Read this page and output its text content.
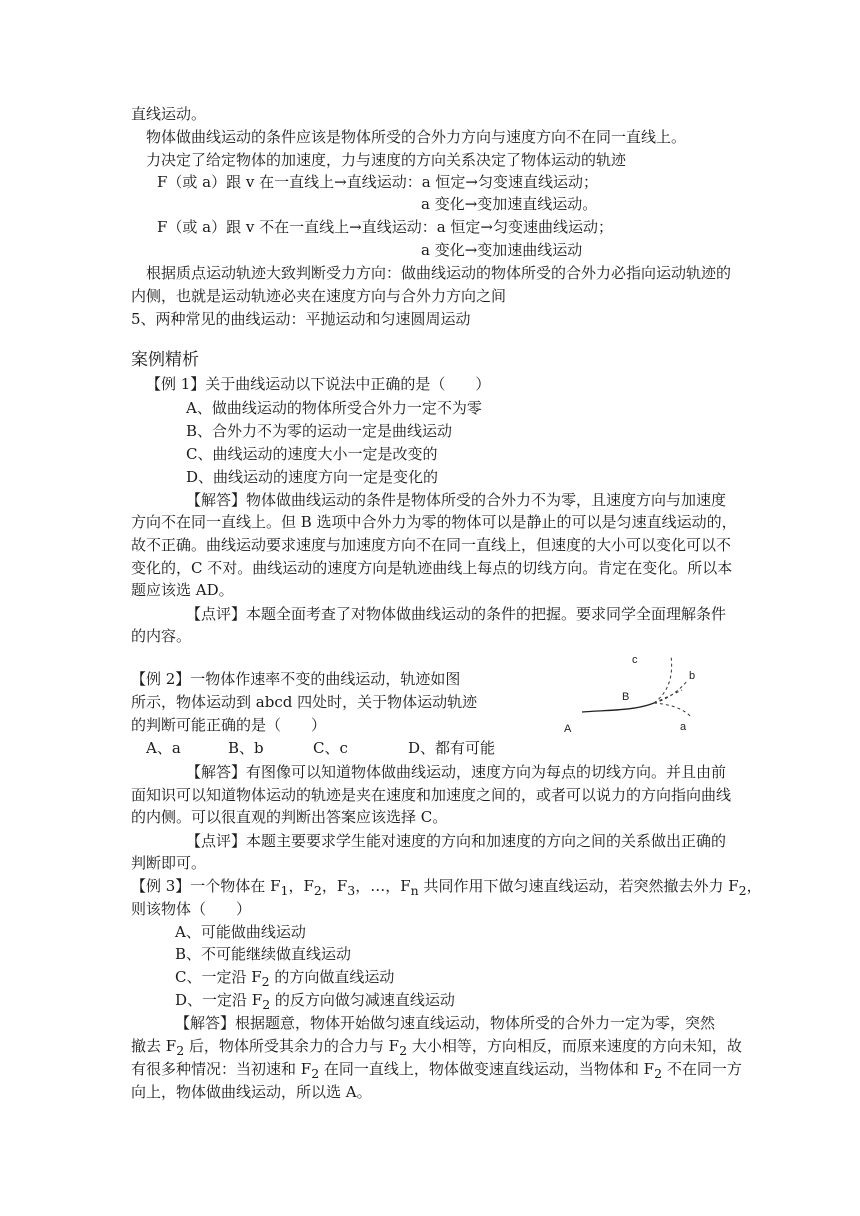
直线运动。
物体做曲线运动的条件应该是物体所受的合外力方向与速度方向不在同一直线上。
力决定了给定物体的加速度，力与速度的方向关系决定了物体运动的轨迹
F（或 a）跟 v 在一直线上→直线运动：a 恒定→匀变速直线运动；
a 变化→变加速直线运动。
F（或 a）跟 v 不在一直线上→直线运动：a 恒定→匀变速曲线运动；
a 变化→变加速曲线运动
根据质点运动轨迹大致判断受力方向：做曲线运动的物体所受的合外力必指向运动轨迹的
内侧，也就是运动轨迹必夹在速度方向与合外力方向之间
5、两种常见的曲线运动：平抛运动和匀速圆周运动
案例精析
【例 1】关于曲线运动以下说法中正确的是（　　）
A、做曲线运动的物体所受合外力一定不为零
B、合外力不为零的运动一定是曲线运动
C、曲线运动的速度大小一定是改变的
D、曲线运动的速度方向一定是变化的
【解答】物体做曲线运动的条件是物体所受的合外力不为零，且速度方向与加速度
方向不在同一直线上。但 B 选项中合外力为零的物体可以是静止的可以是匀速直线运动的，
故不正确。曲线运动要求速度与加速度方向不在同一直线上，但速度的大小可以变化可以不
变化的，C 不对。曲线运动的速度方向是轨迹曲线上每点的切线方向。肯定在变化。所以本
题应该选 AD。
【点评】本题全面考查了对物体做曲线运动的条件的把握。要求同学全面理解条件
的内容。
【例 2】一物体作速率不变的曲线运动，轨迹如图
所示，物体运动到 abcd 四处时，关于物体运动轨迹
的判断可能正确的是（　　）
A、a	B、b	C、c	D、都有可能
A
B
a
b
c
【解答】有图像可以知道物体做曲线运动，速度方向为每点的切线方向。并且由前
面知识可以知道物体运动的轨迹是夹在速度和加速度之间的，或者可以说力的方向指向曲线
的内侧。可以很直观的判断出答案应该选择 C。
【点评】本题主要要求学生能对速度的方向和加速度的方向之间的关系做出正确的
判断即可。
【例 3】一个物体在 $F_1$，$F_2$，$F_3$，…，$F_n$ 共同作用下做匀速直线运动，若突然撤去外力 $F_2$，
则该物体（　　）
A、可能做曲线运动
B、不可能继续做直线运动
C、一定沿 $F_2$ 的方向做直线运动
D、一定沿 $F_2$ 的反方向做匀减速直线运动
【解答】根据题意，物体开始做匀速直线运动，物体所受的合外力一定为零，突然
撤去 $F_2$ 后，物体所受其余力的合力与 $F_2$ 大小相等，方向相反，而原来速度的方向未知，故
有很多种情况：当初速和 $F_2$ 在同一直线上，物体做变速直线运动，当物体和 $F_2$ 不在同一方
向上，物体做曲线运动，所以选 A。
